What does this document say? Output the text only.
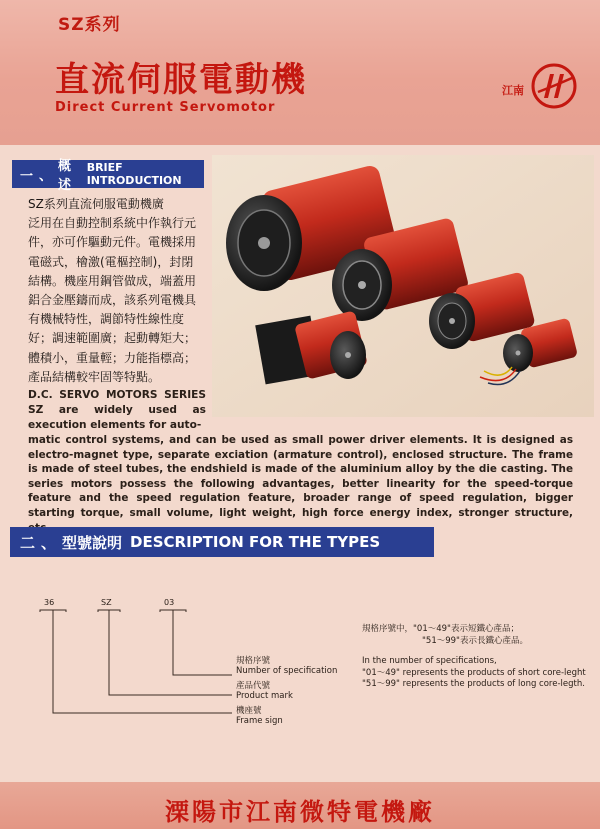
SZ系列
直流伺服電動機
Direct Current Servomotor
江南
一 、
概述
BRIEF INTRODUCTION
SZ系列直流伺服電動機廣
泛用在自動控制系統中作執行元
件，亦可作驅動元件。電機採用
電磁式，檜激(電樞控制)，封閉
結構。機座用鋼管做成，端蓋用
鋁合金壓鑄而成，該系列電機具
有機械特性，調節特性線性度
好；調速範圍廣；起動轉矩大；
體積小，重量輕；力能指標高；
產品結構較牢固等特點。
D.C. SERVO MOTORS SERIES SZ are widely used as execution elements for auto-
matic control systems, and can be used as small power driver elements. It is designed as electro-magnet type, separate exciation (armature control), enclosed structure. The frame is made of steel tubes, the endshield is made of the aluminium alloy by the die casting. The series motors possess the following advantages, better linearity for the speed-torque feature and the speed regulation feature, broader range of speed regulation, bigger starting torque, small volume, light weight, high force energy index, stronger structure,
二 、 型號說明 DESCRIPTION FOR THE TYPES
36	SZ	03
規格序號
Number of specification
產品代號
Product mark
機座號
Frame sign
規格序號中，"01～49"表示短鐵心產品；
"51～99"表示長鐵心產品。
In the number of specifications,
"01～49" represents the products of short core-leght
"51～99" represents the products of long core-legth.
溧陽市江南微特電機廠
